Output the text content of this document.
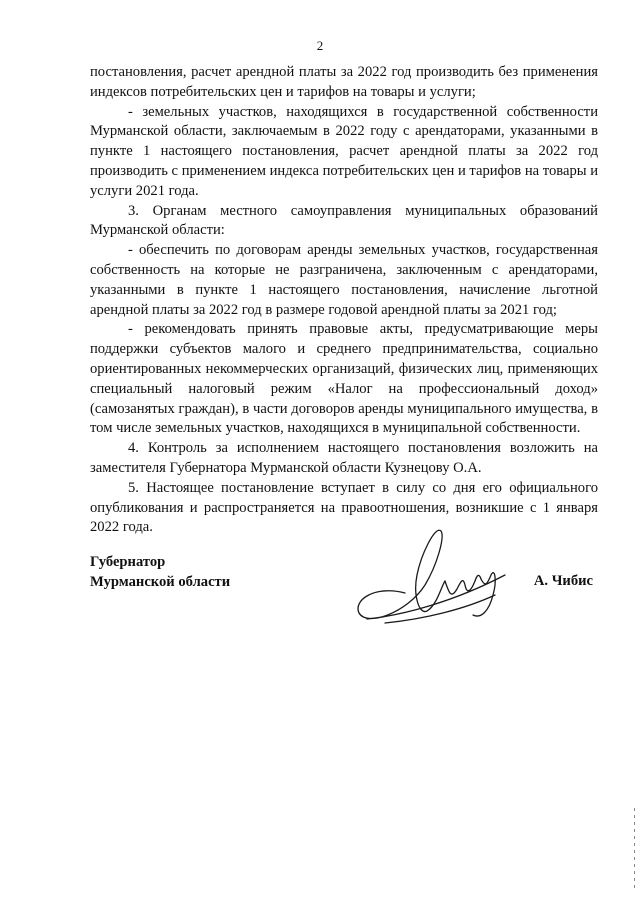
2

постановления, расчет арендной платы за 2022 год производить без применения индексов потребительских цен и тарифов на товары и услуги;

- земельных участков, находящихся в государственной собственности Мурманской области, заключаемым в 2022 году с арендаторами, указанными в пункте 1 настоящего постановления, расчет арендной платы за 2022 год производить с применением индекса потребительских цен и тарифов на товары и услуги 2021 года.

3. Органам местного самоуправления муниципальных образований Мурманской области:

- обеспечить по договорам аренды земельных участков, государственная собственность на которые не разграничена, заключенным с арендаторами, указанными в пункте 1 настоящего постановления, начисление льготной арендной платы за 2022 год в размере годовой арендной платы за 2021 год;

- рекомендовать принять правовые акты, предусматривающие меры поддержки субъектов малого и среднего предпринимательства, социально ориентированных некоммерческих организаций, физических лиц, применяющих специальный налоговый режим «Налог на профессиональный доход» (самозанятых граждан), в части договоров аренды муниципального имущества, в том числе земельных участков, находящихся в муниципальной собственности.

4. Контроль за исполнением настоящего постановления возложить на заместителя Губернатора Мурманской области Кузнецову О.А.

5. Настоящее постановление вступает в силу со дня его официального опубликования и распространяется на правоотношения, возникшие с 1 января 2022 года.

Губернатор
Мурманской области	А. Чибис
